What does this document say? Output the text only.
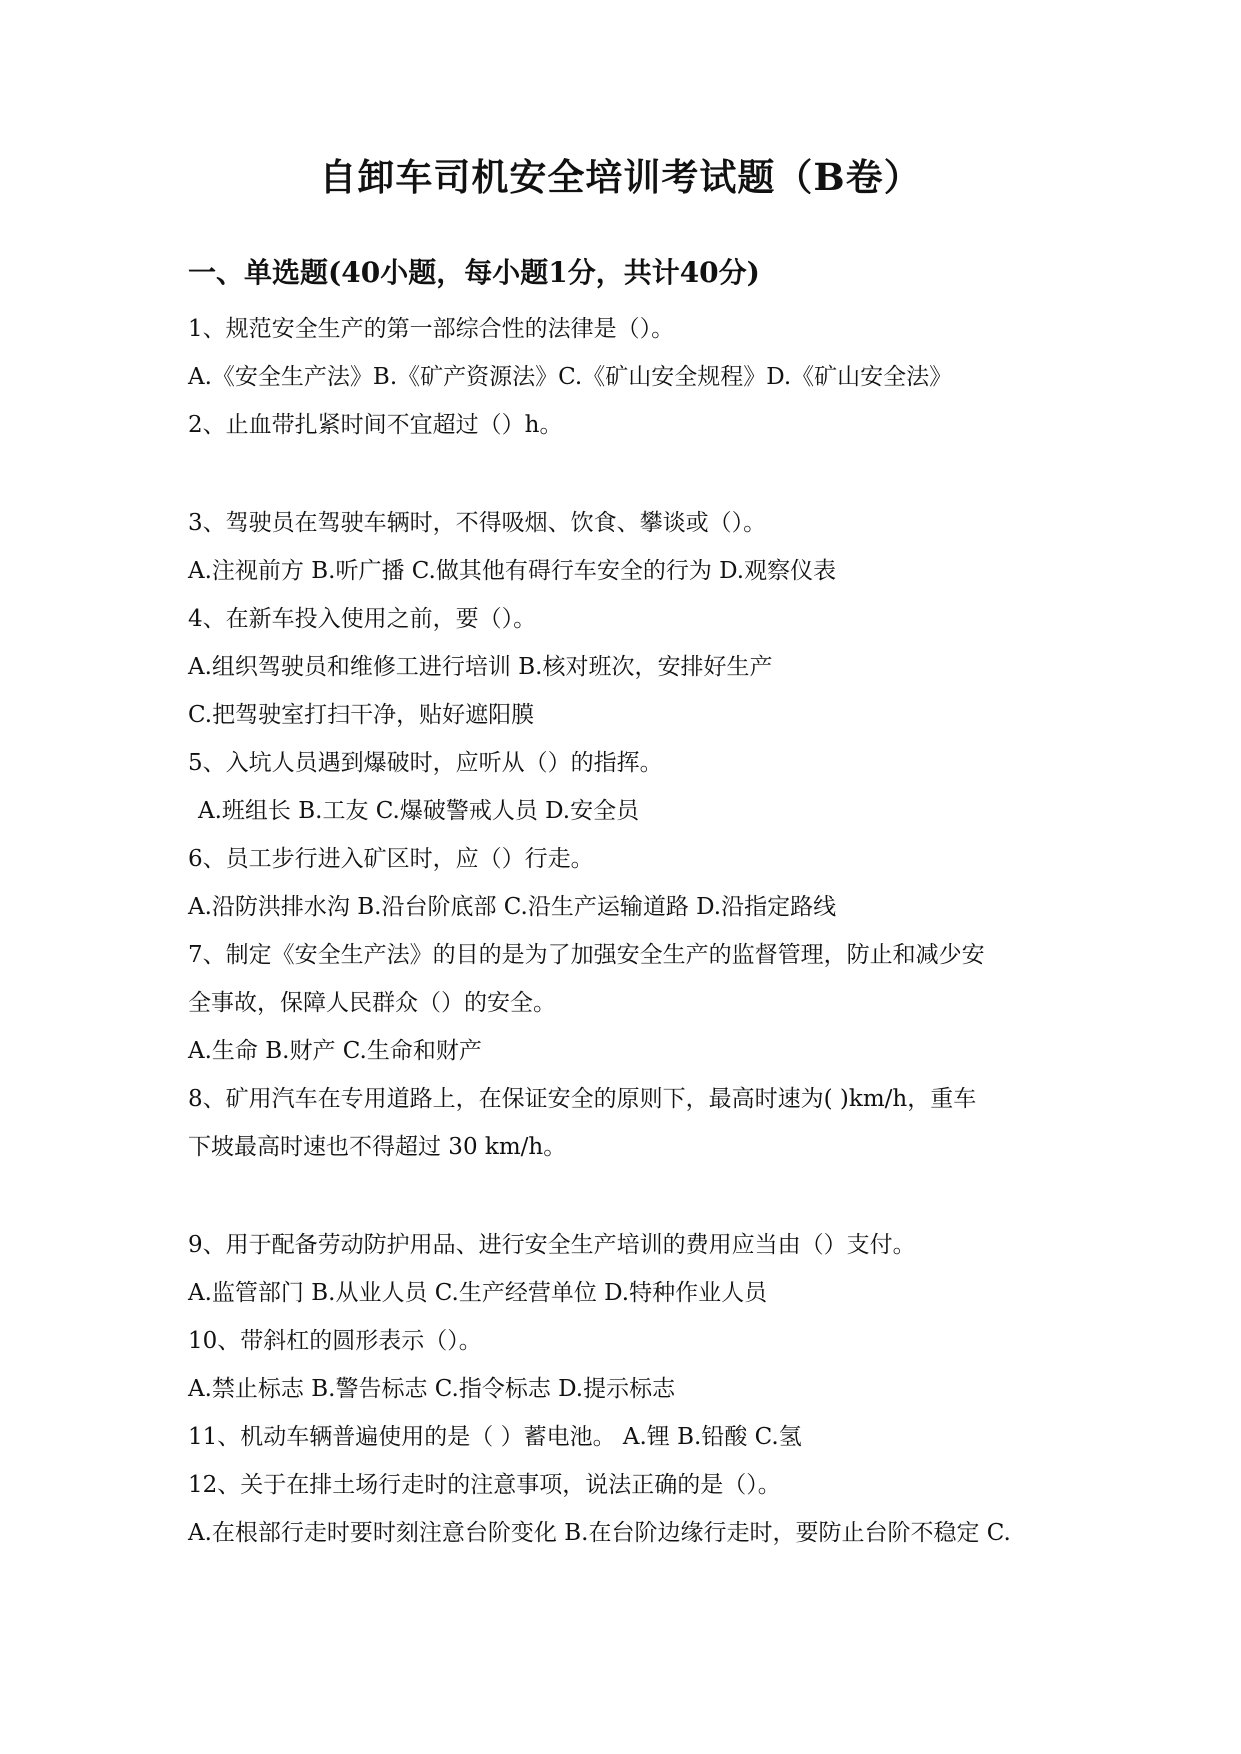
自卸车司机安全培训考试题（B卷）
一、单选题(40小题，每小题1分，共计40分)
1、规范安全生产的第一部综合性的法律是（）。
A.《安全生产法》B.《矿产资源法》C.《矿山安全规程》D.《矿山安全法》
2、止血带扎紧时间不宜超过（）h。
3、驾驶员在驾驶车辆时，不得吸烟、饮食、攀谈或（）。
A.注视前方 B.听广播 C.做其他有碍行车安全的行为 D.观察仪表
4、在新车投入使用之前，要（）。
A.组织驾驶员和维修工进行培训 B.核对班次，安排好生产
C.把驾驶室打扫干净，贴好遮阳膜
5、入坑人员遇到爆破时，应听从（）的指挥。
A.班组长 B.工友 C.爆破警戒人员 D.安全员
6、员工步行进入矿区时，应（）行走。
A.沿防洪排水沟 B.沿台阶底部 C.沿生产运输道路 D.沿指定路线
7、制定《安全生产法》的目的是为了加强安全生产的监督管理，防止和减少安
全事故，保障人民群众（）的安全。
A.生命 B.财产 C.生命和财产
8、矿用汽车在专用道路上，在保证安全的原则下，最高时速为( )km/h，重车
下坡最高时速也不得超过 30 km/h。
9、用于配备劳动防护用品、进行安全生产培训的费用应当由（）支付。
A.监管部门 B.从业人员 C.生产经营单位 D.特种作业人员
10、带斜杠的圆形表示（）。
A.禁止标志 B.警告标志 C.指令标志 D.提示标志
11、机动车辆普遍使用的是（ ）蓄电池。 A.锂 B.铅酸 C.氢
12、关于在排土场行走时的注意事项，说法正确的是（）。
A.在根部行走时要时刻注意台阶变化 B.在台阶边缘行走时，要防止台阶不稳定 C.
